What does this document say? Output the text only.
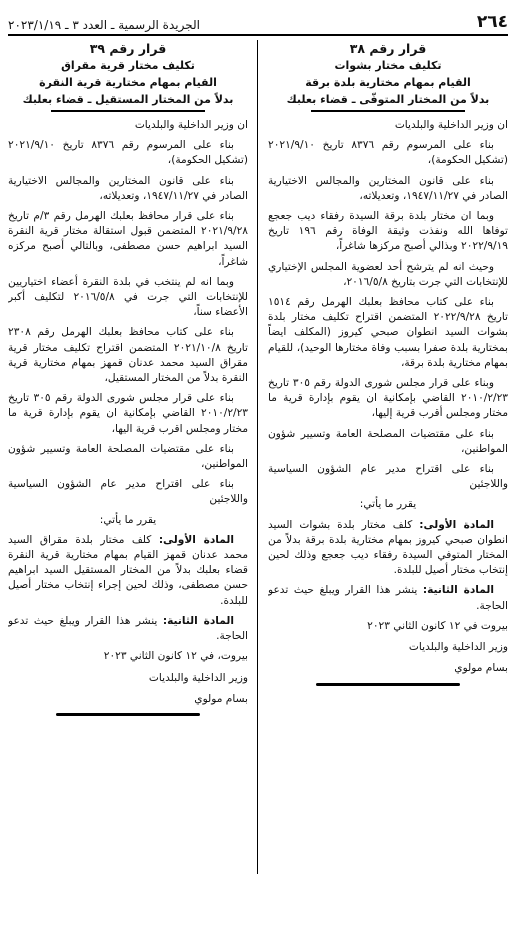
٢٦٤
الجريدة الرسمية ـ العدد ٣ ـ ٢٠٢٣/١/١٩
قرار رقم ٣٨
تكليف مختار بشوات
القيام بمهام مختارية بلدة برقة
بدلاً من المختار المتوفّى ـ قضاء بعلبك

ان وزير الداخلية والبلديات

بناء على المرسوم رقم ٨٣٧٦ تاريخ ٢٠٢١/٩/١٠ (تشكيل الحكومة)،

بناء على قانون المختارين والمجالس الاختيارية الصادر في ١٩٤٧/١١/٢٧، وتعديلاته،

وبما ان مختار بلدة برقة السيدة رفقاء ديب جعجع توفاها الله ونفذت وثيقة الوفاة رقم ١٩٦ تاريخ ٢٠٢٢/٩/١٩ وبذالي أصبح مركزها شاغراً،

وحيث انه لم يترشح أحد لعضوية المجلس الإختياري للإنتخابات التي جرت بتاريخ ٢٠١٦/٥/٨،

بناء على كتاب محافظ بعلبك الهرمل رقم ١٥١٤ تاريخ ٢٠٢٢/٩/٢٨ المتضمن اقتراح تكليف مختار بلدة بشوات السيد انطوان صبحي كيروز (المكلف ايضاً بمختارية بلدة صفرا بسبب وفاة مختارها الوحيد)، للقيام بمهام مختارية بلدة برقة،

وبناء على قرار مجلس شورى الدولة رقم ٣٠٥ تاريخ ٢٠١٠/٢/٢٣ القاضي بإمكانية ان يقوم بإدارة قرية ما مختار ومجلس أقرب قرية إليها،

بناء على مقتضيات المصلحة العامة وتسيير شؤون المواطنين،

بناء على اقتراح مدير عام الشؤون السياسية واللاجئين

يقرر ما يأتي:

المادة الأولى: كلف مختار بلدة بشوات السيد انطوان صبحي كيروز بمهام مختارية بلدة برقة بدلاً من المختار المتوفي السيدة رفقاء ديب جعجع وذلك لحين إنتخاب مختار أصيل للبلدة.

المادة الثانية: ينشر هذا القرار ويبلغ حيث تدعو الحاجة.

بيروت في ١٢ كانون الثاني ٢٠٢٣

وزير الداخلية والبلديات

بسام مولوي

قرار رقم ٣٩
تكليف مختار قرية مقراق
القيام بمهام مختارية قرية النقرة
بدلاً من المختار المستقيل ـ قضاء بعلبك

ان وزير الداخلية والبلديات

بناء على المرسوم رقم ٨٣٧٦ تاريخ ٢٠٢١/٩/١٠ (تشكيل الحكومة)،

بناء على قانون المختارين والمجالس الاختيارية الصادر في ١٩٤٧/١١/٢٧، وتعديلاته،

بناء على قرار محافظ بعلبك الهرمل رقم ٣/م تاريخ ٢٠٢١/٩/٢٨ المتضمن قبول استقالة مختار قرية النقرة السيد ابراهيم حسن مصطفى، وبالتالي أصبح مركزه شاغراً،

وبما انه لم ينتخب في بلدة النقرة أعضاء اختياريين للإنتخابات التي جرت في ٢٠١٦/٥/٨ لتكليف أكبر الأعضاء سناً،

بناء على كتاب محافظ بعلبك الهرمل رقم ٢٣٠٨ تاريخ ٢٠٢١/١٠/٨ المتضمن اقتراح تكليف مختار قرية مقراق السيد محمد عدنان قمهز بمهام مختارية قرية النقرة بدلاً من المختار المستقيل،

بناء على قرار مجلس شورى الدولة رقم ٣٠٥ تاريخ ٢٠١٠/٢/٢٣ القاضي بإمكانية ان يقوم بإدارة قرية ما مختار ومجلس اقرب قرية اليها،

بناء على مقتضيات المصلحة العامة وتسيير شؤون المواطنين،

بناء على اقتراح مدير عام الشؤون السياسية واللاجئين

يقرر ما يأتي:

المادة الأولى: كلف مختار بلدة مقراق السيد محمد عدنان قمهز القيام بمهام مختارية قرية النقرة قضاء بعلبك بدلاً من المختار المستقيل السيد ابراهيم حسن مصطفى، وذلك لحين إجراء إنتخاب مختار أصيل للبلدة.

المادة الثانية: ينشر هذا القرار ويبلغ حيث تدعو الحاجة.

بيروت، في ١٢ كانون الثاني ٢٠٢٣

وزير الداخلية والبلديات

بسام مولوي
